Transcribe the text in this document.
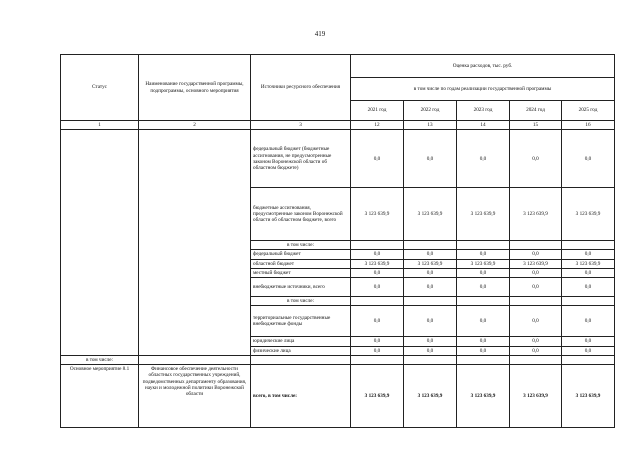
419
Статус	Наименование государственной программы, подпрограммы, основного мероприятия	Источники ресурсного обеспечения	Оценка расходов, тыс. руб.				
			в том числе по годам реализации государственной программы				
			2021 год	2022 год	2023 год	2024 год	2025 год
1	2	3	12	13	14	15	16
		федеральный бюджет (бюджетные ассигнования, не предусмотренные законом Воронежской области об областном бюджете)	0,0	0,0	0,0	0,0	0,0
		бюджетные ассигнования, предусмотренные законом Воронежской области об областном бюджете, всего	3 123 639,9	3 123 639,9	3 123 639,9	3 123 639,9	3 123 639,9
		в том числе:					
		федеральный бюджет	0,0	0,0	0,0	0,0	0,0
		областной бюджет	3 123 639,9	3 123 639,9	3 123 639,9	3 123 639,9	3 123 639,9
		местный бюджет	0,0	0,0	0,0	0,0	0,0
		внебюджетные источники, всего	0,0	0,0	0,0	0,0	0,0
		в том числе:					
		территориальные государственные внебюджетные фонды	0,0	0,0	0,0	0,0	0,0
		юридические лица	0,0	0,0	0,0	0,0	0,0
		физические лица	0,0	0,0	0,0	0,0	0,0
в том числе:							
Основное мероприятие 8.1	Финансовое обеспечение деятельности областных государственных учреждений, подведомственных департаменту образования, науки и молодежной политики Воронежской области	всего, в том числе:	3 123 639,9	3 123 639,9	3 123 639,9	3 123 639,9	3 123 639,9
